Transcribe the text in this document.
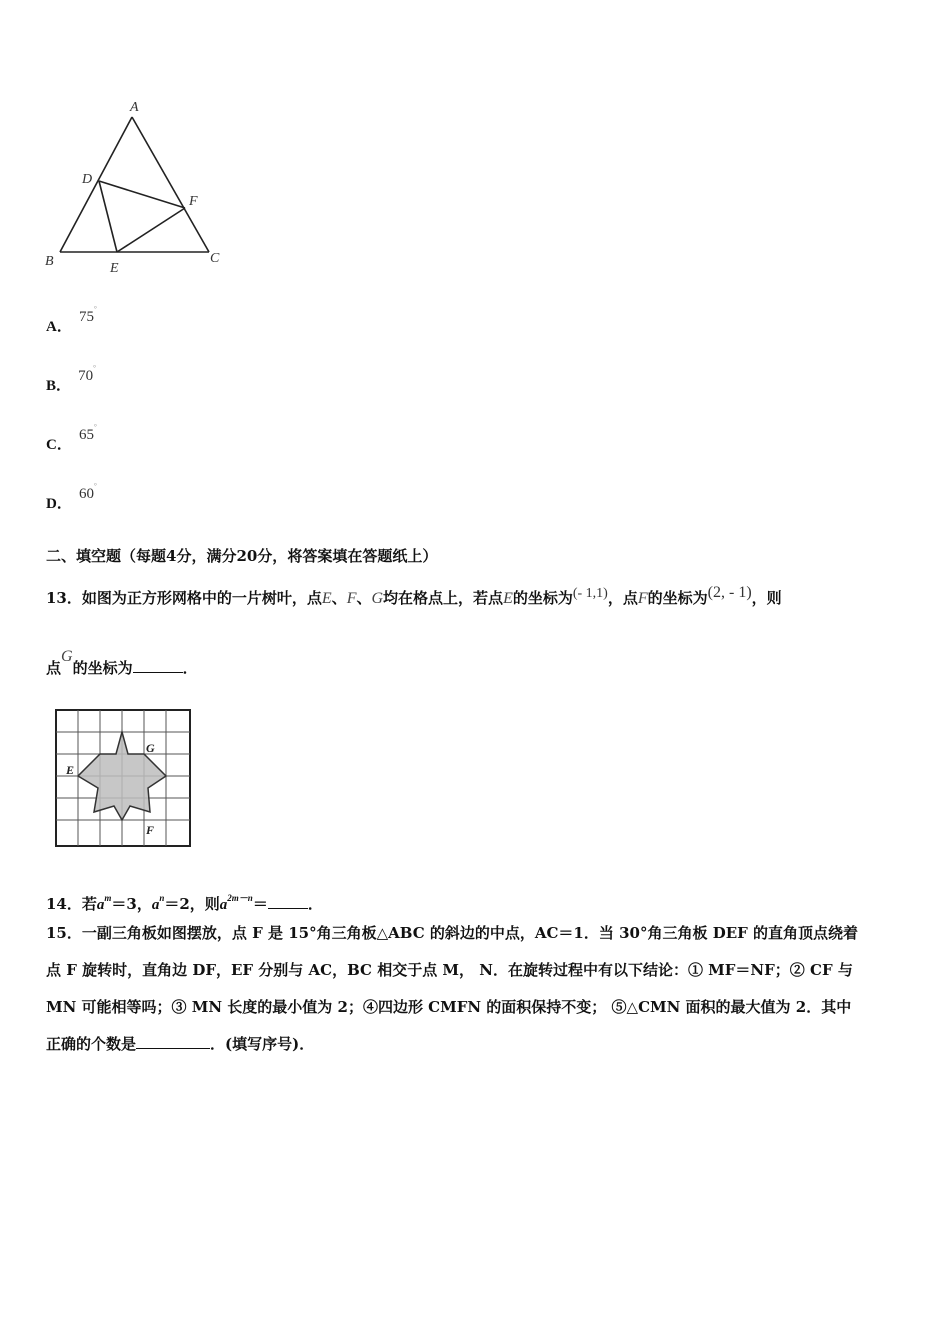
A
B	C
D
E
F
A． 75°
B． 70°
C． 65°
D． 60°
二、填空题（每题4分，满分20分，将答案填在答题纸上）
13．如图为正方形网格中的一片树叶，点E、F、G均在格点上，若点E的坐标为(- 1,1)，点F的坐标为(2, - 1)，则
点G的坐标为	．
E
G
F
14．若$a^m=3$，$a^n=2$，则$a^{2m-n}=$	．
15．一副三角板如图摆放，点 F 是 15°角三角板△ABC 的斜边的中点，AC＝1．当 30°角三角板 DEF 的直角顶点绕着
点 F 旋转时，直角边 DF，EF 分别与 AC，BC 相交于点 M， N．在旋转过程中有以下结论：① MF＝NF；② CF 与
MN 可能相等吗；③ MN 长度的最小值为 2；④四边形 CMFN 的面积保持不变； ⑤△CMN 面积的最大值为 2．其中
正确的个数是	．(填写序号)．
